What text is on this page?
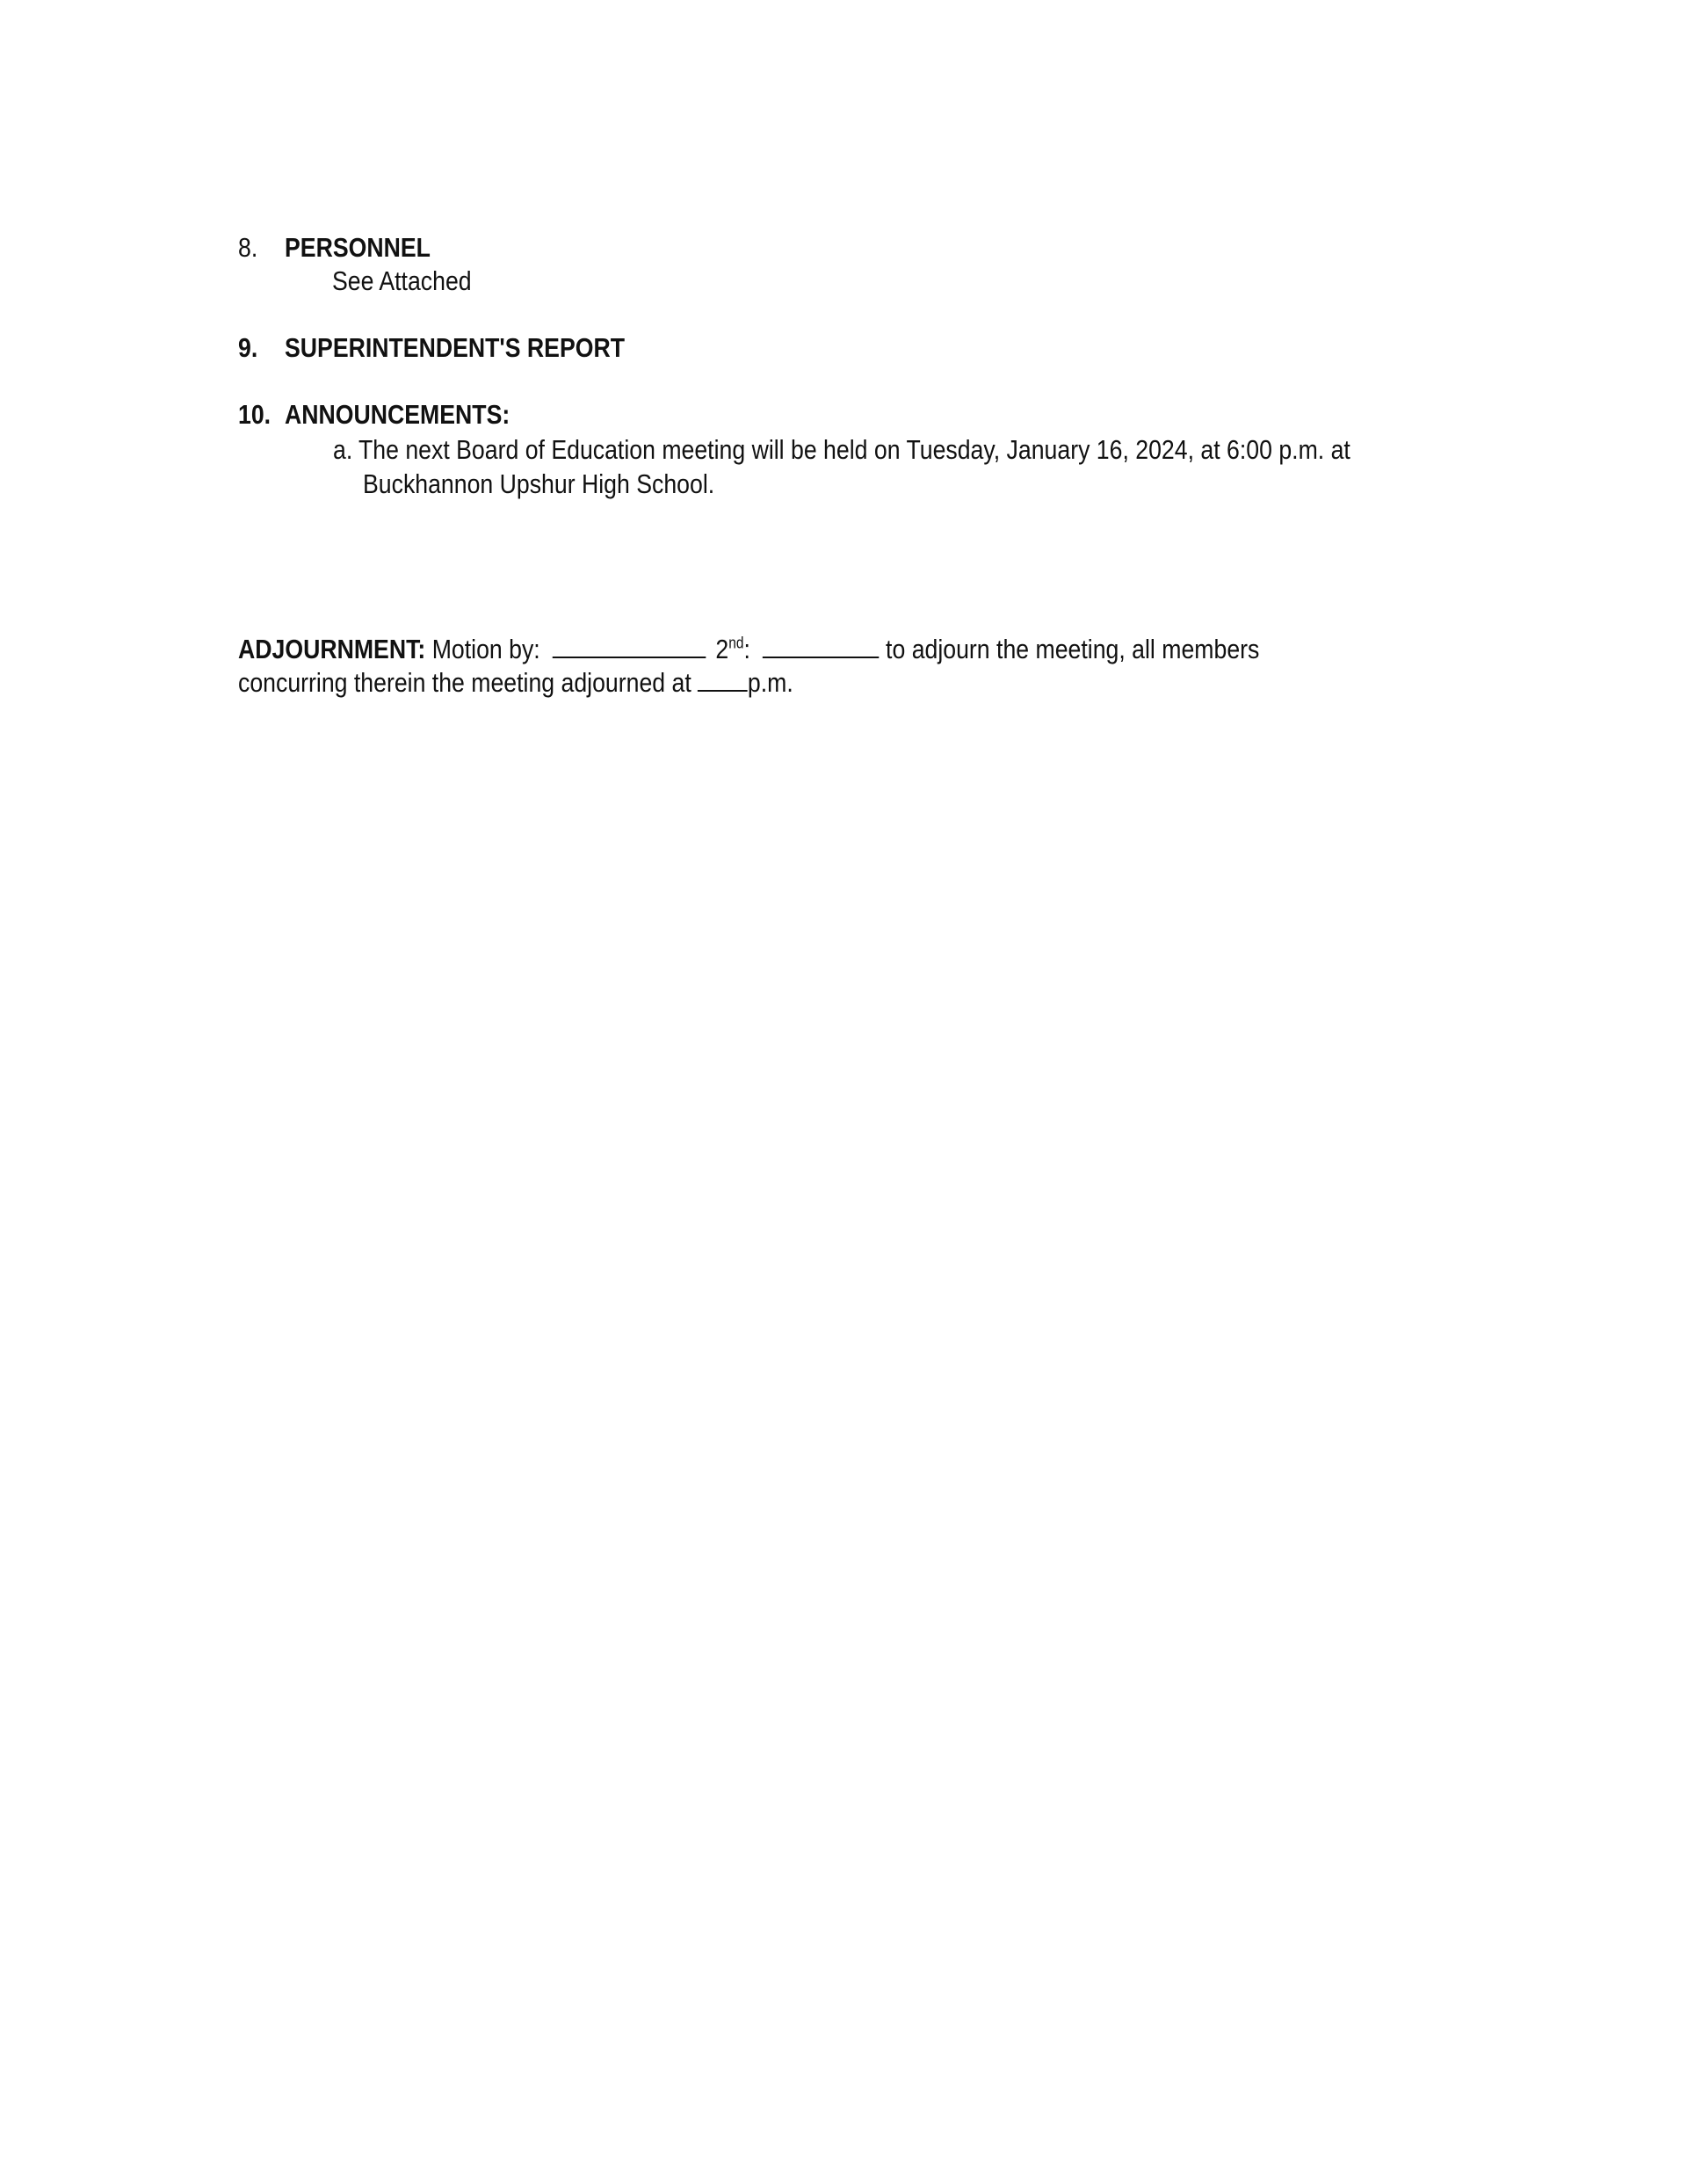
8. PERSONNEL
See Attached
9. SUPERINTENDENT'S REPORT
10. ANNOUNCEMENTS:
a. The next Board of Education meeting will be held on Tuesday, January 16, 2024, at 6:00 p.m. at
Buckhannon Upshur High School.
ADJOURNMENT: Motion by:	2nd:	to adjourn the meeting, all members
concurring therein the meeting adjourned at p.m.
